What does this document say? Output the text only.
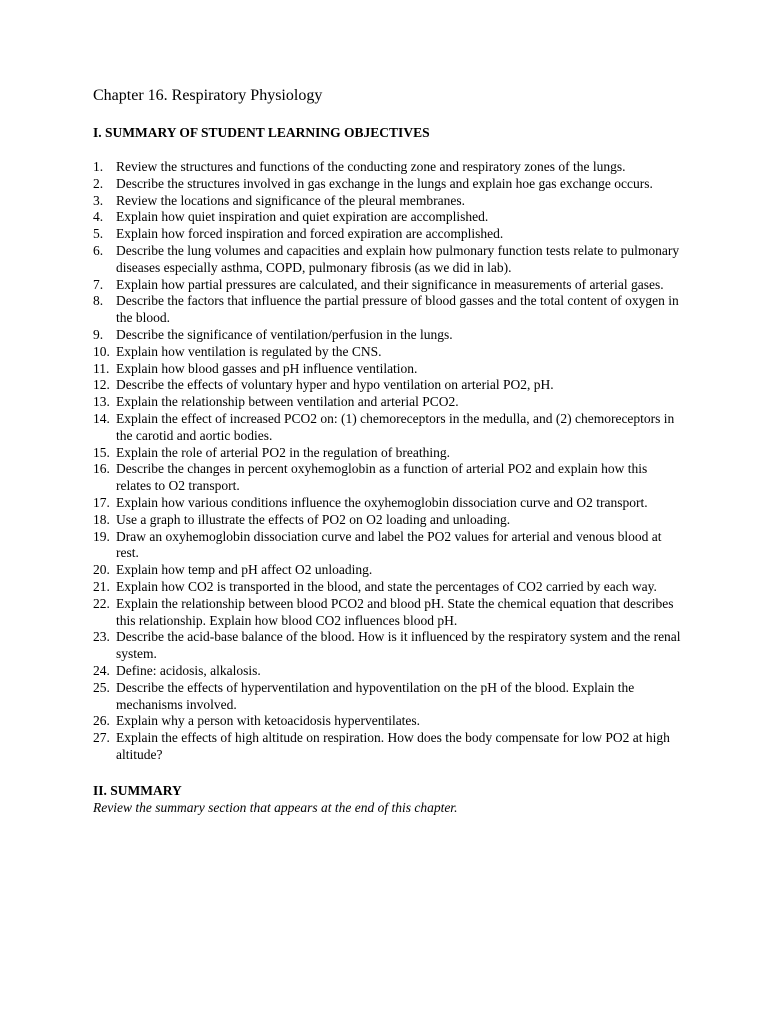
Chapter 16. Respiratory Physiology
I. SUMMARY OF STUDENT LEARNING OBJECTIVES
1. Review the structures and functions of the conducting zone and respiratory zones of the lungs.
2. Describe the structures involved in gas exchange in the lungs and explain hoe gas exchange occurs.
3. Review the locations and significance of the pleural membranes.
4. Explain how quiet inspiration and quiet expiration are accomplished.
5. Explain how forced inspiration and forced expiration are accomplished.
6. Describe the lung volumes and capacities and explain how pulmonary function tests relate to pulmonary diseases especially asthma, COPD, pulmonary fibrosis (as we did in lab).
7. Explain how partial pressures are calculated, and their significance in measurements of arterial gases.
8. Describe the factors that influence the partial pressure of blood gasses and the total content of oxygen in the blood.
9. Describe the significance of ventilation/perfusion in the lungs.
10. Explain how ventilation is regulated by the CNS.
11. Explain how blood gasses and pH influence ventilation.
12. Describe the effects of voluntary hyper and hypo ventilation on arterial PO2, pH.
13. Explain the relationship between ventilation and arterial PCO2.
14. Explain the effect of increased PCO2 on: (1) chemoreceptors in the medulla, and (2) chemoreceptors in the carotid and aortic bodies.
15. Explain the role of arterial PO2 in the regulation of breathing.
16. Describe the changes in percent oxyhemoglobin as a function of arterial PO2 and explain how this relates to O2 transport.
17. Explain how various conditions influence the oxyhemoglobin dissociation curve and O2 transport.
18. Use a graph to illustrate the effects of PO2 on O2 loading and unloading.
19. Draw an oxyhemoglobin dissociation curve and label the PO2 values for arterial and venous blood at rest.
20. Explain how temp and pH affect O2 unloading.
21. Explain how CO2 is transported in the blood, and state the percentages of CO2 carried by each way.
22. Explain the relationship between blood PCO2 and blood pH. State the chemical equation that describes this relationship. Explain how blood CO2 influences blood pH.
23. Describe the acid-base balance of the blood. How is it influenced by the respiratory system and the renal system.
24. Define: acidosis, alkalosis.
25. Describe the effects of hyperventilation and hypoventilation on the pH of the blood. Explain the mechanisms involved.
26. Explain why a person with ketoacidosis hyperventilates.
27. Explain the effects of high altitude on respiration. How does the body compensate for low PO2 at high altitude?
II. SUMMARY
Review the summary section that appears at the end of this chapter.
